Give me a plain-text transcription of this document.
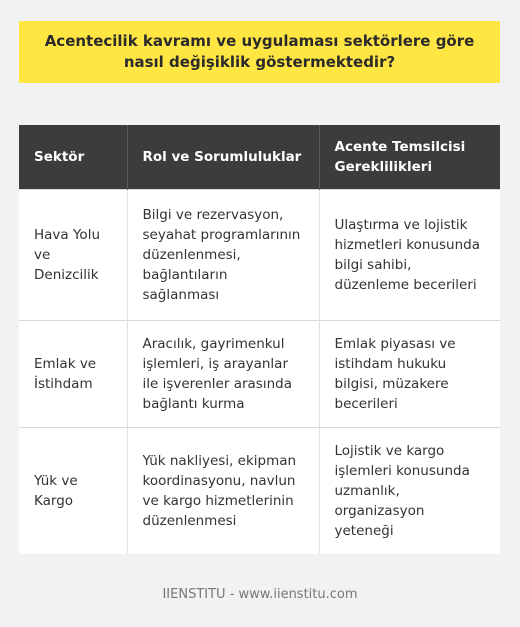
Acentecilik kavramı ve uygulaması sektörlere göre nasıl değişiklik göstermektedir?
Sektör	Rol ve Sorumluluklar	Acente Temsilcisi Gereklilikleri
Hava Yolu ve Denizcilik	Bilgi ve rezervasyon, seyahat programlarının düzenlenmesi, bağlantıların sağlanması	Ulaştırma ve lojistik hizmetleri konusunda bilgi sahibi, düzenleme becerileri
Emlak ve İstihdam	Aracılık, gayrimenkul işlemleri, iş arayanlar ile işverenler arasında bağlantı kurma	Emlak piyasası ve istihdam hukuku bilgisi, müzakere becerileri
Yük ve Kargo	Yük nakliyesi, ekipman koordinasyonu, navlun ve kargo hizmetlerinin düzenlenmesi	Lojistik ve kargo işlemleri konusunda uzmanlık, organizasyon yeteneği
IIENSTITU - www.iienstitu.com
